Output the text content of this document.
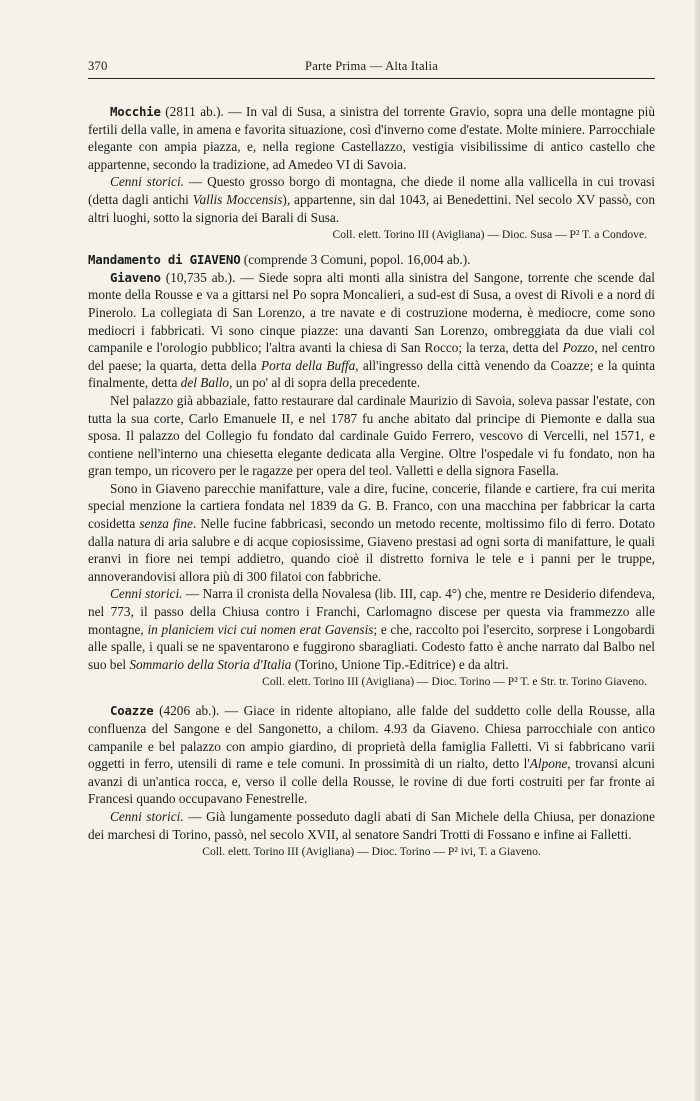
370	Parte Prima — Alta Italia

Mocchie (2811 ab.). — In val di Susa, a sinistra del torrente Gravio, sopra una delle montagne più fertili della valle, in amena e favorita situazione, così d'inverno come d'estate. Molte miniere. Parrocchiale elegante con ampia piazza, e, nella regione Castellazzo, vestigia visibilissime di antico castello che appartenne, secondo la tradizione, ad Amedeo VI di Savoia.

Cenni storici. — Questo grosso borgo di montagna, che diede il nome alla vallicella in cui trovasi (detta dagli antichi Vallis Moccensis), appartenne, sin dal 1043, ai Benedettini. Nel secolo XV passò, con altri luoghi, sotto la signoria dei Barali di Susa.

Coll. elett. Torino III (Avigliana) — Dioc. Susa — P² T. a Condove.

Mandamento di GIAVENO (comprende 3 Comuni, popol. 16,004 ab.).

Giaveno (10,735 ab.). — Siede sopra alti monti alla sinistra del Sangone, torrente che scende dal monte della Rousse e va a gittarsi nel Po sopra Moncalieri, a sud-est di Susa, a ovest di Rivoli e a nord di Pinerolo. La collegiata di San Lorenzo, a tre navate e di costruzione moderna, è mediocre, come sono mediocri i fabbricati. Vi sono cinque piazze: una davanti San Lorenzo, ombreggiata da due viali col campanile e l'orologio pubblico; l'altra avanti la chiesa di San Rocco; la terza, detta del Pozzo, nel centro del paese; la quarta, detta della Porta della Buffa, all'ingresso della città venendo da Coazze; e la quinta finalmente, detta del Ballo, un po' al di sopra della precedente.

Nel palazzo già abbaziale, fatto restaurare dal cardinale Maurizio di Savoia, soleva passar l'estate, con tutta la sua corte, Carlo Emanuele II, e nel 1787 fu anche abitato dal principe di Piemonte e dalla sua sposa. Il palazzo del Collegio fu fondato dal cardinale Guido Ferrero, vescovo di Vercelli, nel 1571, e contiene nell'interno una chiesetta elegante dedicata alla Vergine. Oltre l'ospedale vi fu fondato, non ha gran tempo, un ricovero per le ragazze per opera del teol. Valletti e della signora Fasella.

Sono in Giaveno parecchie manifatture, vale a dire, fucine, concerie, filande e cartiere, fra cui merita special menzione la cartiera fondata nel 1839 da G. B. Franco, con una macchina per fabbricar la carta cosidetta senza fine. Nelle fucine fabbricasi, secondo un metodo recente, moltissimo filo di ferro. Dotato dalla natura di aria salubre e di acque copiosissime, Giaveno prestasi ad ogni sorta di manifatture, le quali eranvi in fiore nei tempi addietro, quando cioè il distretto forniva le tele e i panni per le truppe, annoverandovisi allora più di 300 filatoi con fabbriche.

Cenni storici. — Narra il cronista della Novalesa (lib. III, cap. 4°) che, mentre re Desiderio difendeva, nel 773, il passo della Chiusa contro i Franchi, Carlomagno discese per questa via frammezzo alle montagne, in planiciem vici cui nomen erat Gavensis; e che, raccolto poi l'esercito, sorprese i Longobardi alle spalle, i quali se ne spaventarono e fuggirono sbaragliati. Codesto fatto è anche narrato dal Balbo nel suo bel Sommario della Storia d'Italia (Torino, Unione Tip.-Editrice) e da altri.

Coll. elett. Torino III (Avigliana) — Dioc. Torino — P² T. e Str. tr. Torino Giaveno.

Coazze (4206 ab.). — Giace in ridente altopiano, alle falde del suddetto colle della Rousse, alla confluenza del Sangone e del Sangonetto, a chilom. 4.93 da Giaveno. Chiesa parrocchiale con antico campanile e bel palazzo con ampio giardino, di proprietà della famiglia Falletti. Vi si fabbricano varii oggetti in ferro, utensili di rame e tele comuni. In prossimità di un rialto, detto l'Alpone, trovansi alcuni avanzi di un'antica rocca, e, verso il colle della Rousse, le rovine di due forti costruiti per far fronte ai Francesi quando occupavano Fenestrelle.

Cenni storici. — Già lungamente posseduto dagli abati di San Michele della Chiusa, per donazione dei marchesi di Torino, passò, nel secolo XVII, al senatore Sandri Trotti di Fossano e infine ai Falletti.

Coll. elett. Torino III (Avigliana) — Dioc. Torino — P² ivi, T. a Giaveno.
